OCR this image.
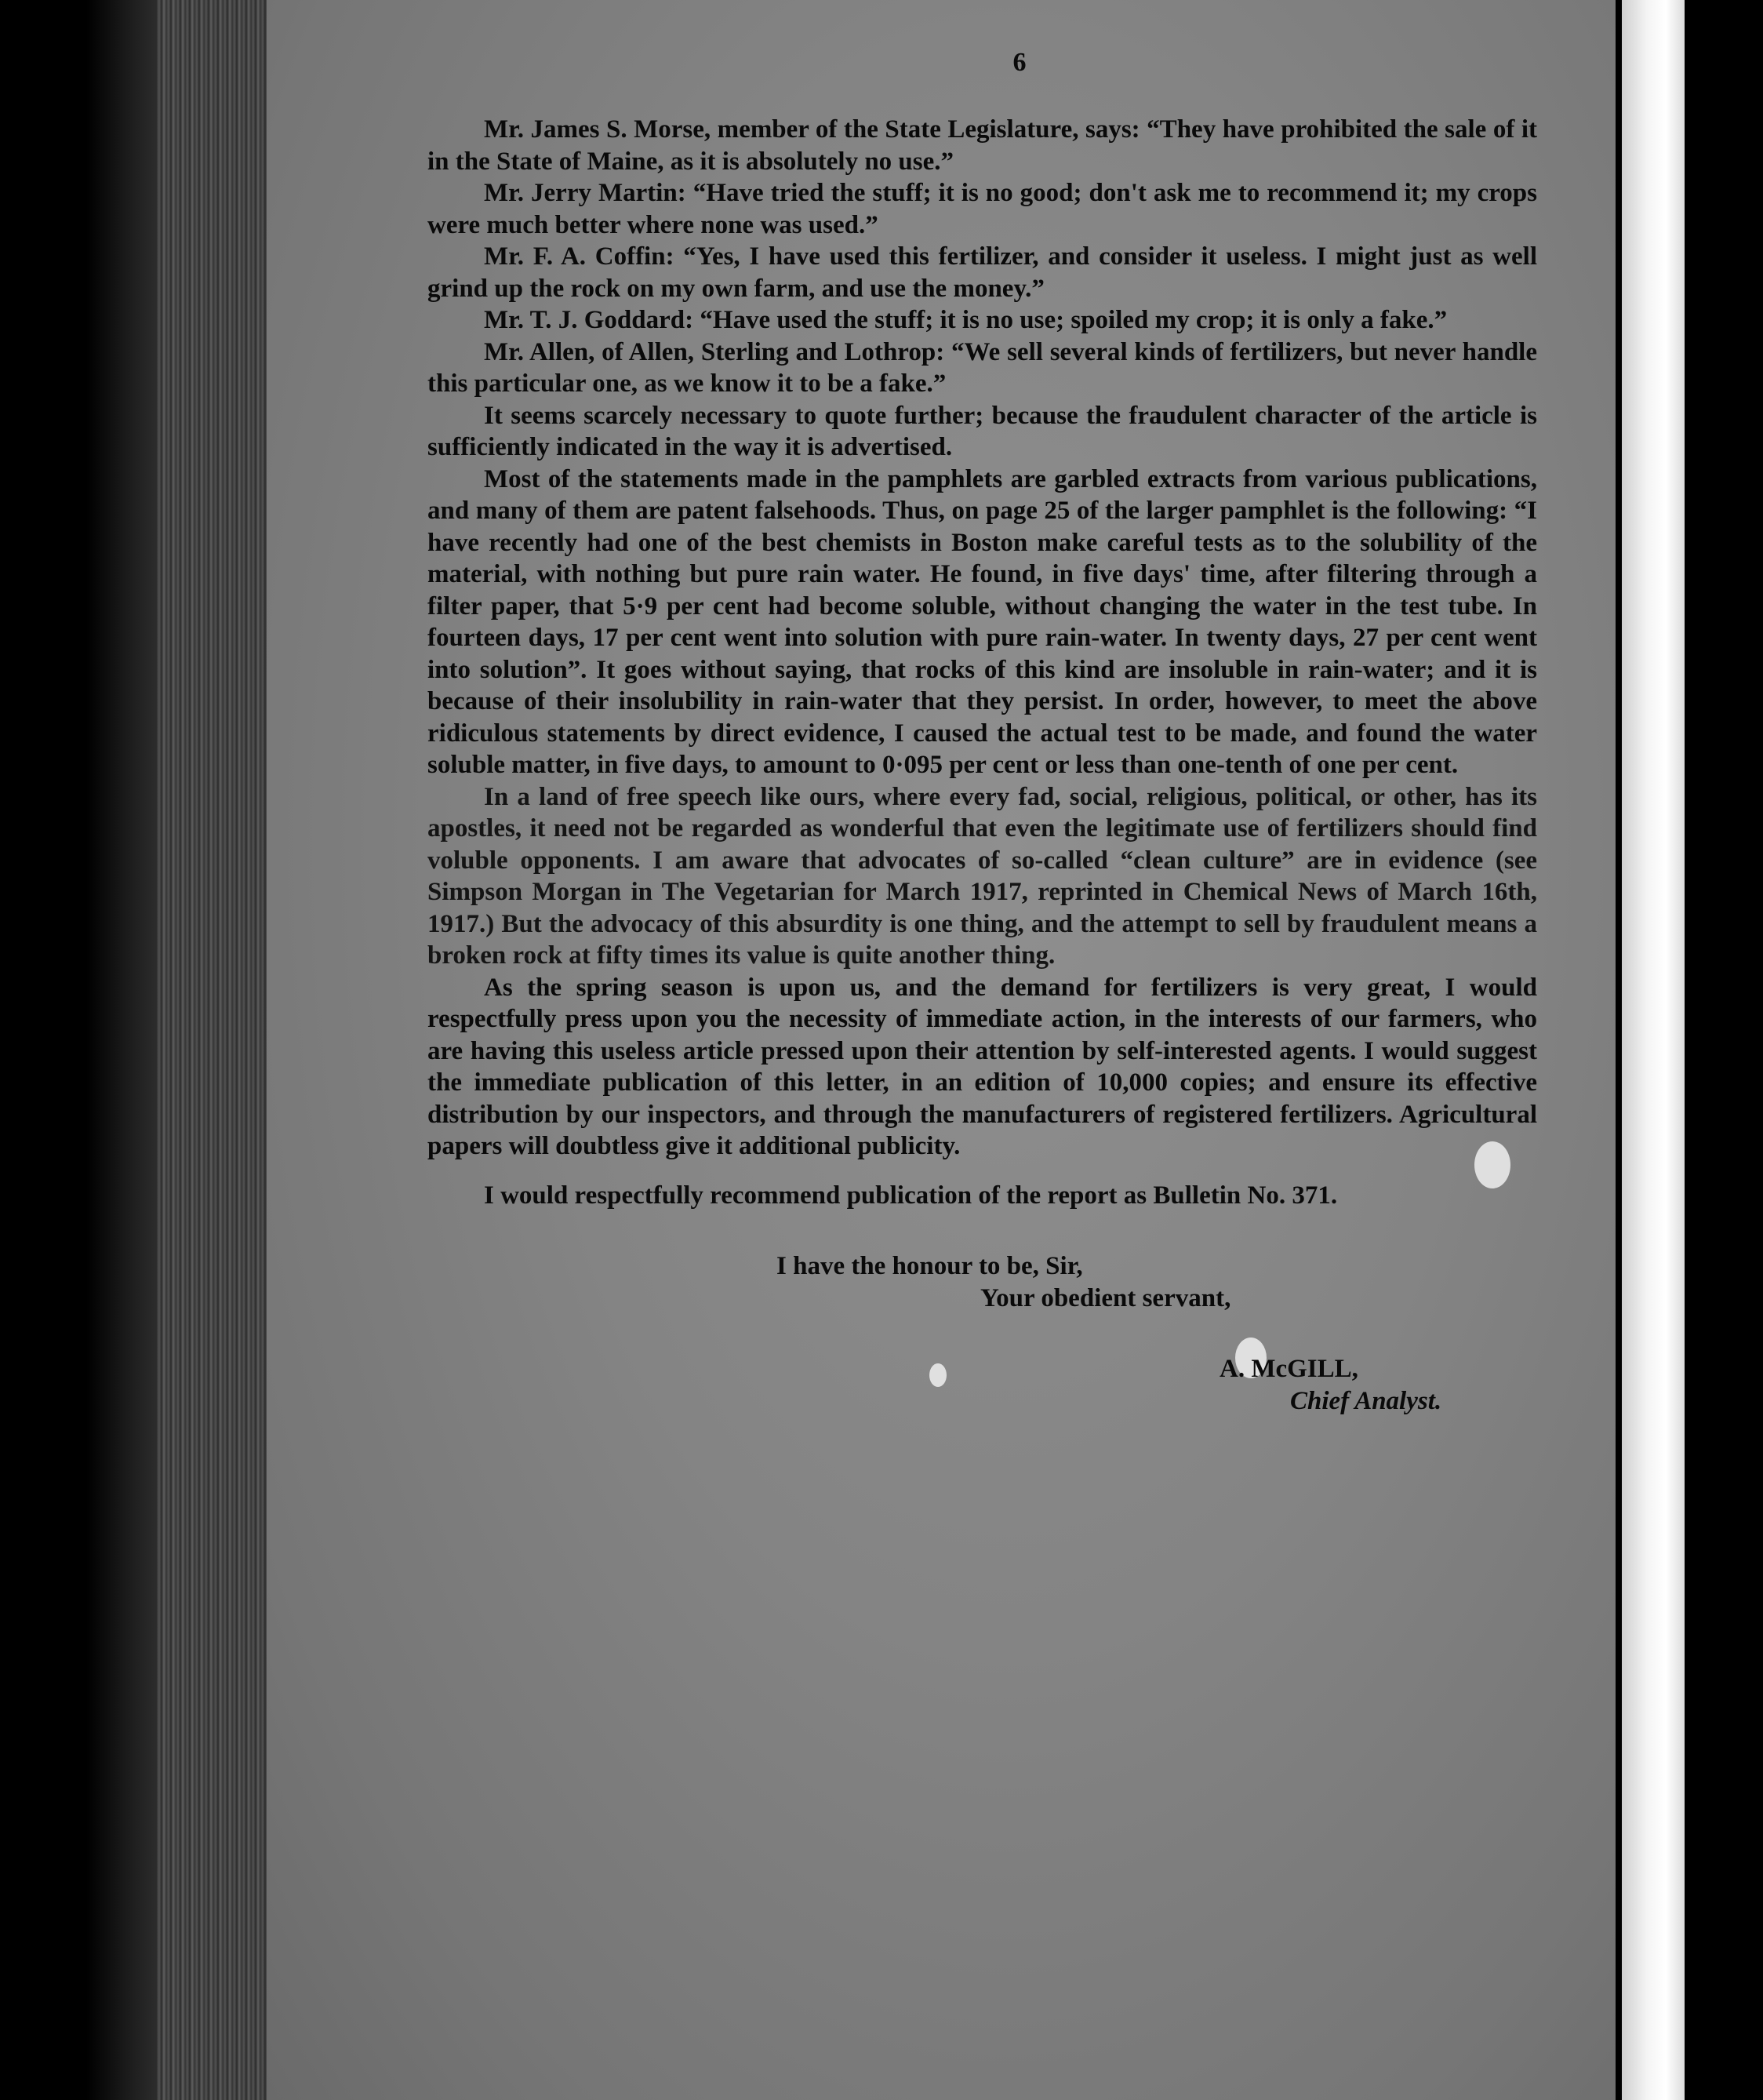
6

Mr. James S. Morse, member of the State Legislature, says: “They have prohibited the sale of it in the State of Maine, as it is absolutely no use.”

Mr. Jerry Martin: “Have tried the stuff; it is no good; don't ask me to recommend it; my crops were much better where none was used.”

Mr. F. A. Coffin: “Yes, I have used this fertilizer, and consider it useless. I might just as well grind up the rock on my own farm, and use the money.”

Mr. T. J. Goddard: “Have used the stuff; it is no use; spoiled my crop; it is only a fake.”

Mr. Allen, of Allen, Sterling and Lothrop: “We sell several kinds of fertilizers, but never handle this particular one, as we know it to be a fake.”

It seems scarcely necessary to quote further; because the fraudulent character of the article is sufficiently indicated in the way it is advertised.

Most of the statements made in the pamphlets are garbled extracts from various publications, and many of them are patent falsehoods. Thus, on page 25 of the larger pamphlet is the following: “I have recently had one of the best chemists in Boston make careful tests as to the solubility of the material, with nothing but pure rain water. He found, in five days' time, after filtering through a filter paper, that 5·9 per cent had become soluble, without changing the water in the test tube. In fourteen days, 17 per cent went into solution with pure rain-water. In twenty days, 27 per cent went into solution”. It goes without saying, that rocks of this kind are insoluble in rain-water; and it is because of their insolubility in rain-water that they persist. In order, however, to meet the above ridiculous statements by direct evidence, I caused the actual test to be made, and found the water soluble matter, in five days, to amount to 0·095 per cent or less than one-tenth of one per cent.

In a land of free speech like ours, where every fad, social, religious, political, or other, has its apostles, it need not be regarded as wonderful that even the legitimate use of fertilizers should find voluble opponents. I am aware that advocates of so-called “clean culture” are in evidence (see Simpson Morgan in The Vegetarian for March 1917, reprinted in Chemical News of March 16th, 1917.) But the advocacy of this absurdity is one thing, and the attempt to sell by fraudulent means a broken rock at fifty times its value is quite another thing.

As the spring season is upon us, and the demand for fertilizers is very great, I would respectfully press upon you the necessity of immediate action, in the interests of our farmers, who are having this useless article pressed upon their attention by self-interested agents. I would suggest the immediate publication of this letter, in an edition of 10,000 copies; and ensure its effective distribution by our inspectors, and through the manufacturers of registered fertilizers. Agricultural papers will doubtless give it additional publicity.

I would respectfully recommend publication of the report as Bulletin No. 371.

I have the honour to be, Sir,

Your obedient servant,

A. McGILL,

Chief Analyst.
